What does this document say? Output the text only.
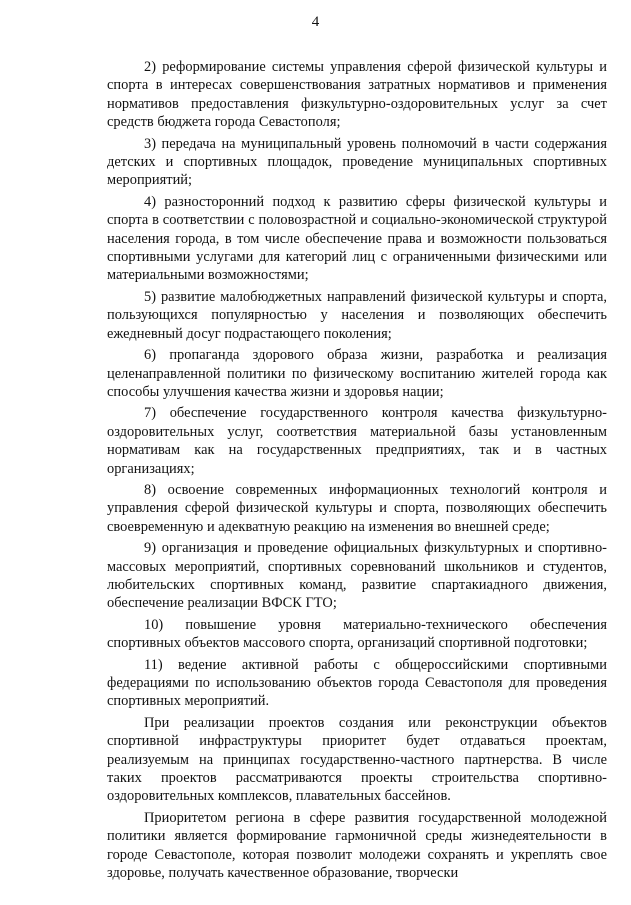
4

2) реформирование системы управления сферой физической культуры и спорта в интересах совершенствования затратных нормативов и применения нормативов предоставления физкультурно-оздоровительных услуг за счет средств бюджета города Севастополя;

3) передача на муниципальный уровень полномочий в части содержания детских и спортивных площадок, проведение муниципальных спортивных мероприятий;

4) разносторонний подход к развитию сферы физической культуры и спорта в соответствии с половозрастной и социально-экономической структурой населения города, в том числе обеспечение права и возможности пользоваться спортивными услугами для категорий лиц с ограниченными физическими или материальными возможностями;

5) развитие малобюджетных направлений физической культуры и спорта, пользующихся популярностью у населения и позволяющих обеспечить ежедневный досуг подрастающего поколения;

6) пропаганда здорового образа жизни, разработка и реализация целенаправленной политики по физическому воспитанию жителей города как способы улучшения качества жизни и здоровья нации;

7) обеспечение государственного контроля качества физкультурно-оздоровительных услуг, соответствия материальной базы установленным нормативам как на государственных предприятиях, так и в частных организациях;

8) освоение современных информационных технологий контроля и управления сферой физической культуры и спорта, позволяющих обеспечить своевременную и адекватную реакцию на изменения во внешней среде;

9) организация и проведение официальных физкультурных и спортивно-массовых мероприятий, спортивных соревнований школьников и студентов, любительских спортивных команд, развитие спартакиадного движения, обеспечение реализации ВФСК ГТО;

10) повышение уровня материально-технического обеспечения спортивных объектов массового спорта, организаций спортивной подготовки;

11) ведение активной работы с общероссийскими спортивными федерациями по использованию объектов города Севастополя для проведения спортивных мероприятий.

При реализации проектов создания или реконструкции объектов спортивной инфраструктуры приоритет будет отдаваться проектам, реализуемым на принципах государственно-частного партнерства. В числе таких проектов рассматриваются проекты строительства спортивно-оздоровительных комплексов, плавательных бассейнов.

Приоритетом региона в сфере развития государственной молодежной политики является формирование гармоничной среды жизнедеятельности в городе Севастополе, которая позволит молодежи сохранять и укреплять свое здоровье, получать качественное образование, творчески
